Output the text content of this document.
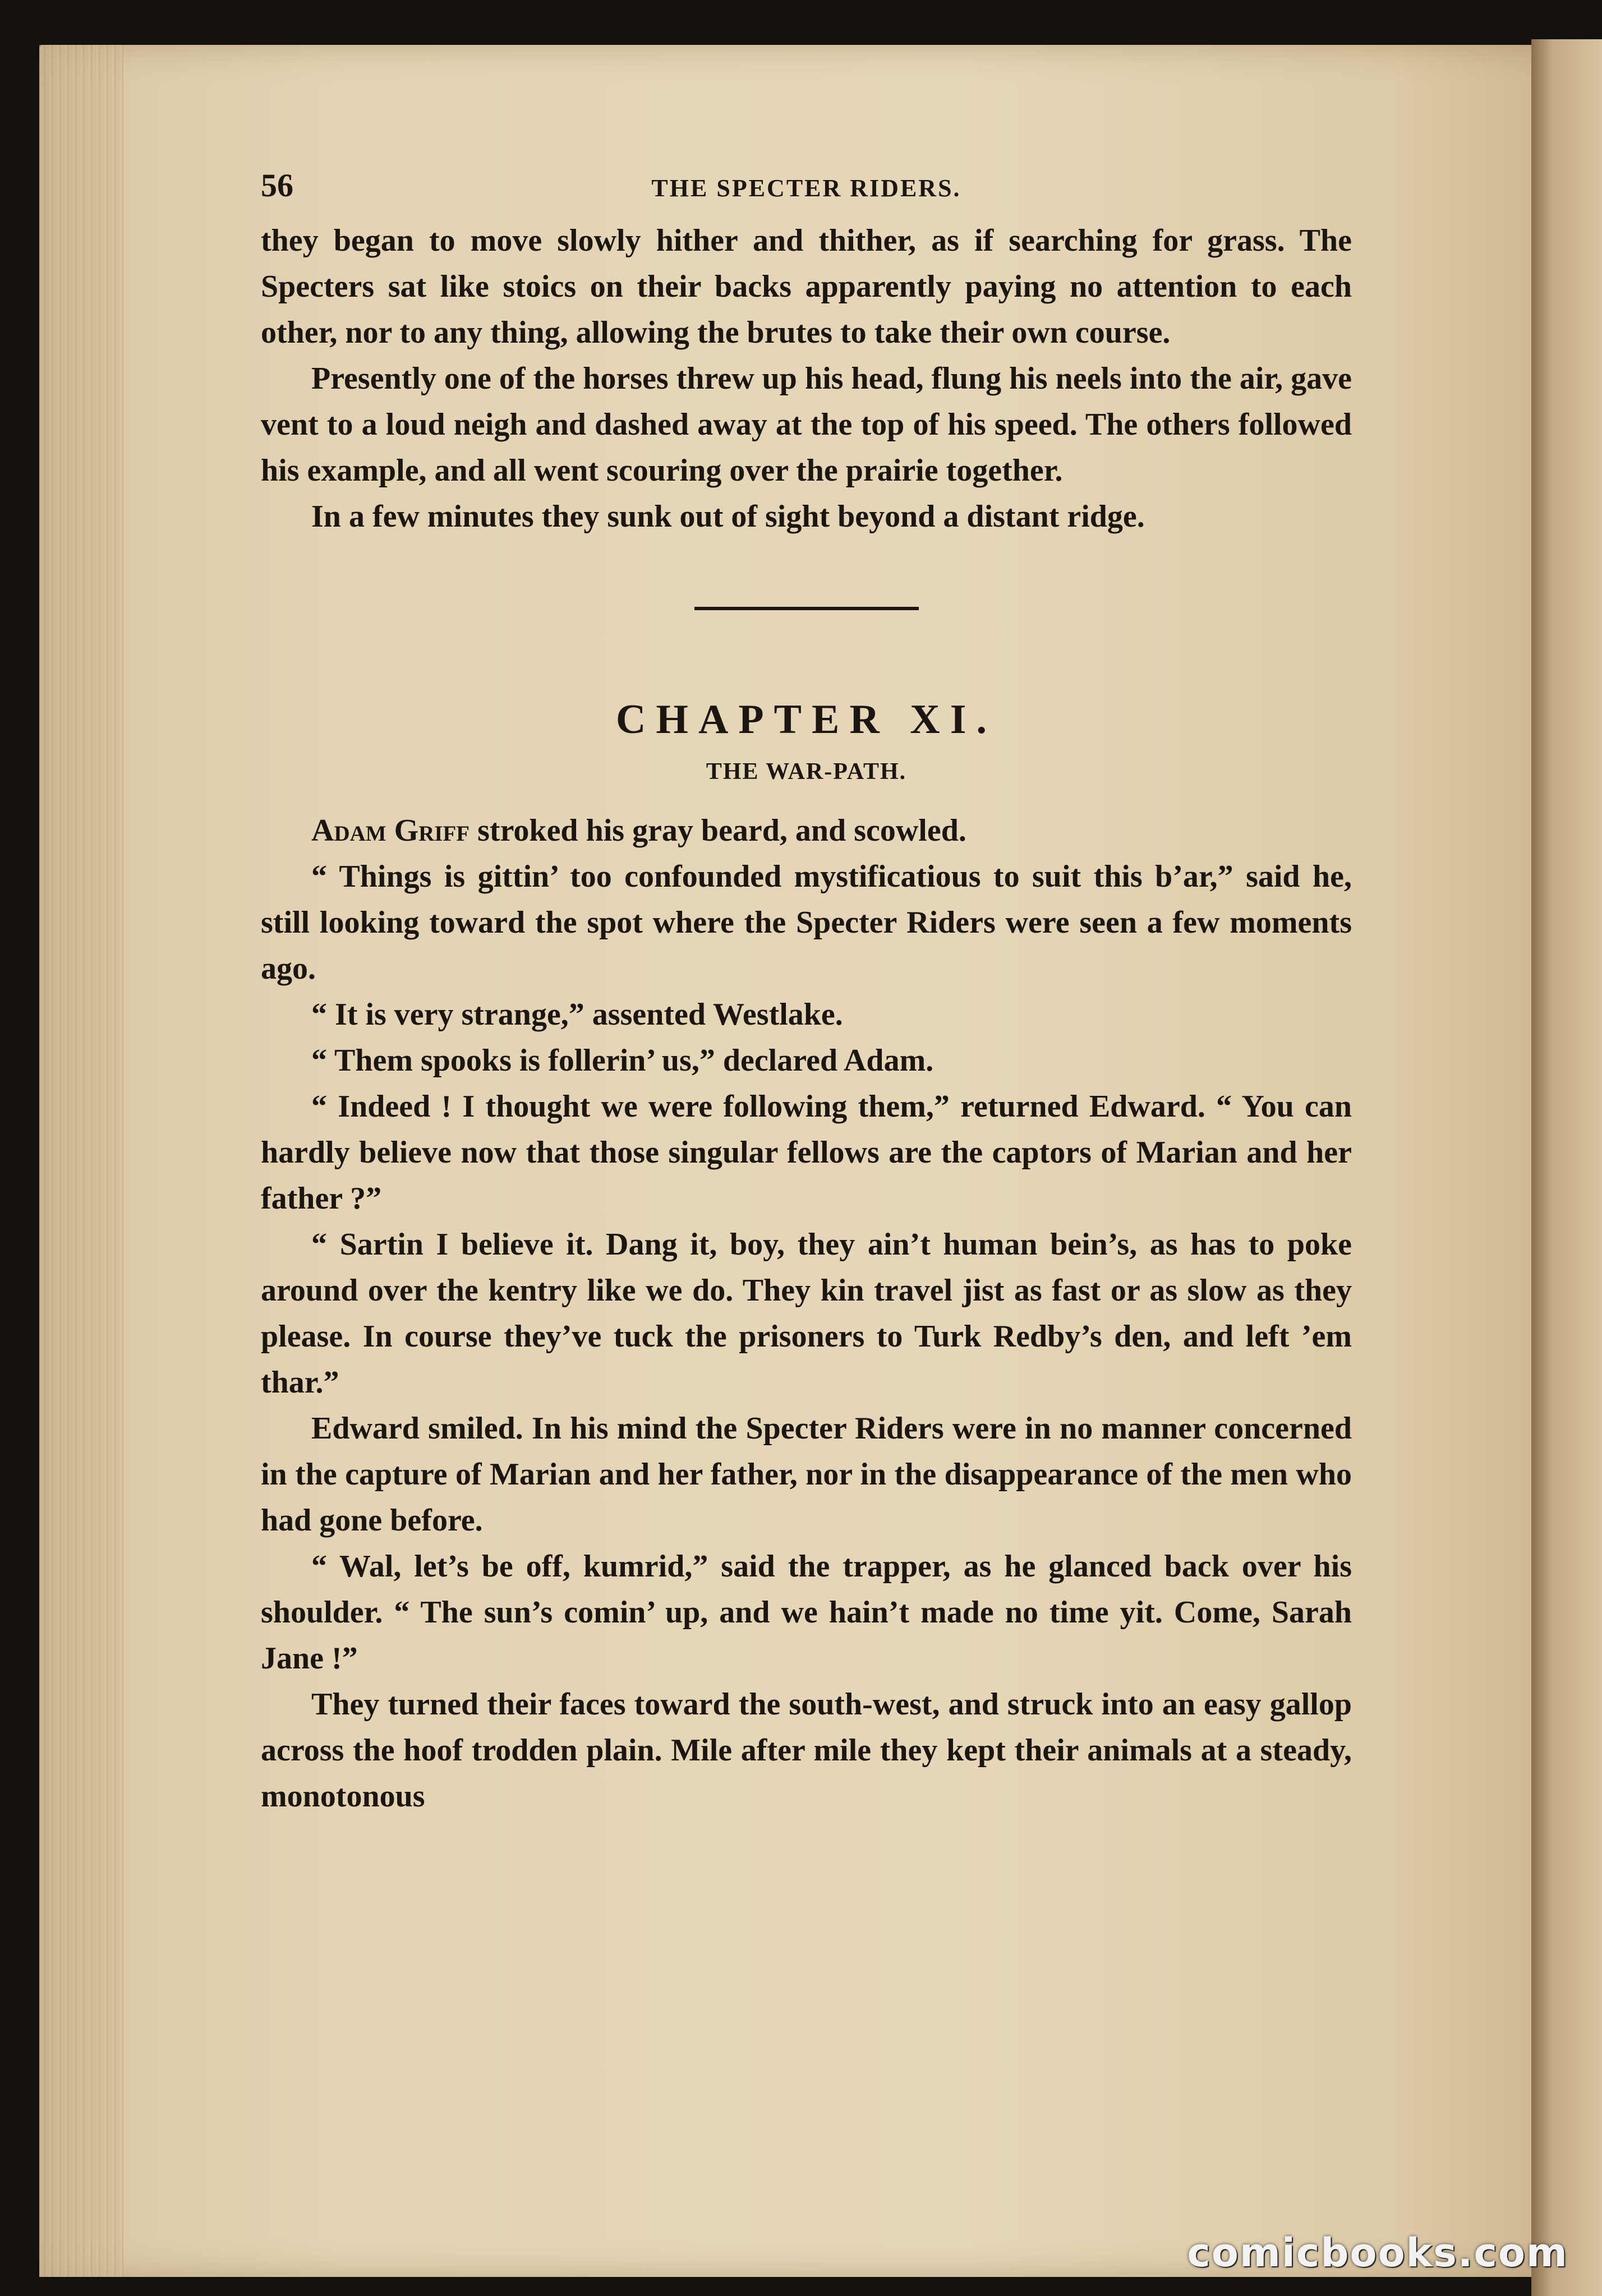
56	THE SPECTER RIDERS.

they began to move slowly hither and thither, as if searching for grass. The Specters sat like stoics on their backs apparently paying no attention to each other, nor to any thing, allowing the brutes to take their own course.

Presently one of the horses threw up his head, flung his neels into the air, gave vent to a loud neigh and dashed away at the top of his speed. The others followed his example, and all went scouring over the prairie together.

In a few minutes they sunk out of sight beyond a distant ridge.

CHAPTER XI.
THE WAR-PATH.

Adam Griff stroked his gray beard, and scowled.

“ Things is gittin’ too confounded mystificatious to suit this b’ar,” said he, still looking toward the spot where the Specter Riders were seen a few moments ago.

“ It is very strange,” assented Westlake.

“ Them spooks is follerin’ us,” declared Adam.

“ Indeed ! I thought we were following them,” returned Edward. “ You can hardly believe now that those singular fellows are the captors of Marian and her father ?”

“ Sartin I believe it. Dang it, boy, they ain’t human bein’s, as has to poke around over the kentry like we do. They kin travel jist as fast or as slow as they please. In course they’ve tuck the prisoners to Turk Redby’s den, and left ’em thar.”

Edward smiled. In his mind the Specter Riders were in no manner concerned in the capture of Marian and her father, nor in the disappearance of the men who had gone before.

“ Wal, let’s be off, kumrid,” said the trapper, as he glanced back over his shoulder. “ The sun’s comin’ up, and we hain’t made no time yit. Come, Sarah Jane !”

They turned their faces toward the south-west, and struck into an easy gallop across the hoof trodden plain. Mile after mile they kept their animals at a steady, monotonous

comicbooks.com
